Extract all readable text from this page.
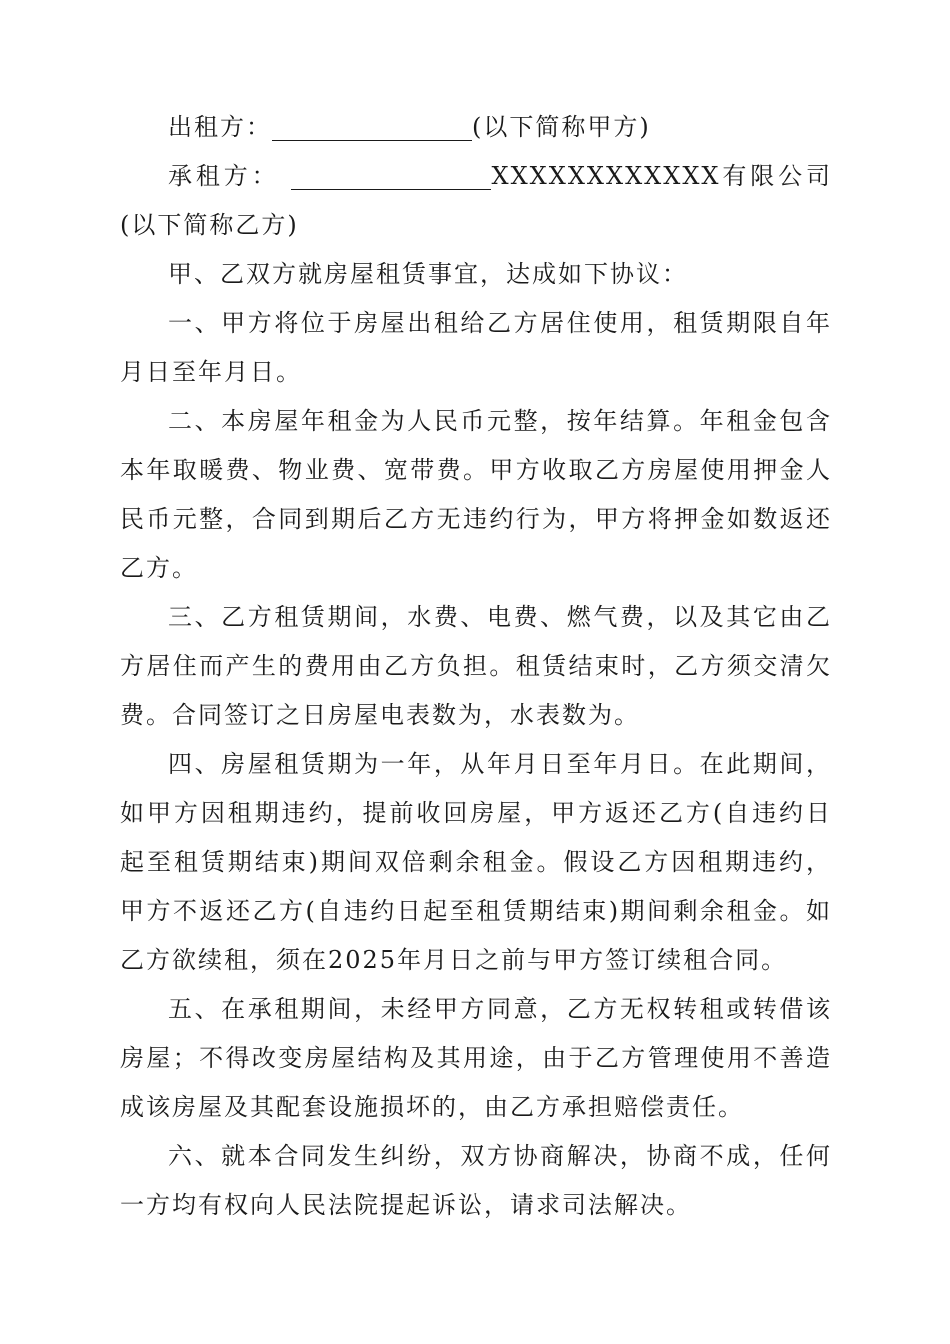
出租方：	(以下简称甲方)

承租方：	XXXXXXXXXXXX有限公司(以下简称乙方)

甲、乙双方就房屋租赁事宜，达成如下协议：

一、甲方将位于房屋出租给乙方居住使用，租赁期限自年月日至年月日。

二、本房屋年租金为人民币元整，按年结算。年租金包含本年取暖费、物业费、宽带费。甲方收取乙方房屋使用押金人民币元整，合同到期后乙方无违约行为，甲方将押金如数返还乙方。

三、乙方租赁期间，水费、电费、燃气费，以及其它由乙方居住而产生的费用由乙方负担。租赁结束时，乙方须交清欠费。合同签订之日房屋电表数为，水表数为。

四、房屋租赁期为一年，从年月日至年月日。在此期间，如甲方因租期违约，提前收回房屋，甲方返还乙方(自违约日起至租赁期结束)期间双倍剩余租金。假设乙方因租期违约，甲方不返还乙方(自违约日起至租赁期结束)期间剩余租金。如乙方欲续租，须在2025年月日之前与甲方签订续租合同。

五、在承租期间，未经甲方同意，乙方无权转租或转借该房屋；不得改变房屋结构及其用途，由于乙方管理使用不善造成该房屋及其配套设施损坏的，由乙方承担赔偿责任。

六、就本合同发生纠纷，双方协商解决，协商不成，任何一方均有权向人民法院提起诉讼，请求司法解决。
